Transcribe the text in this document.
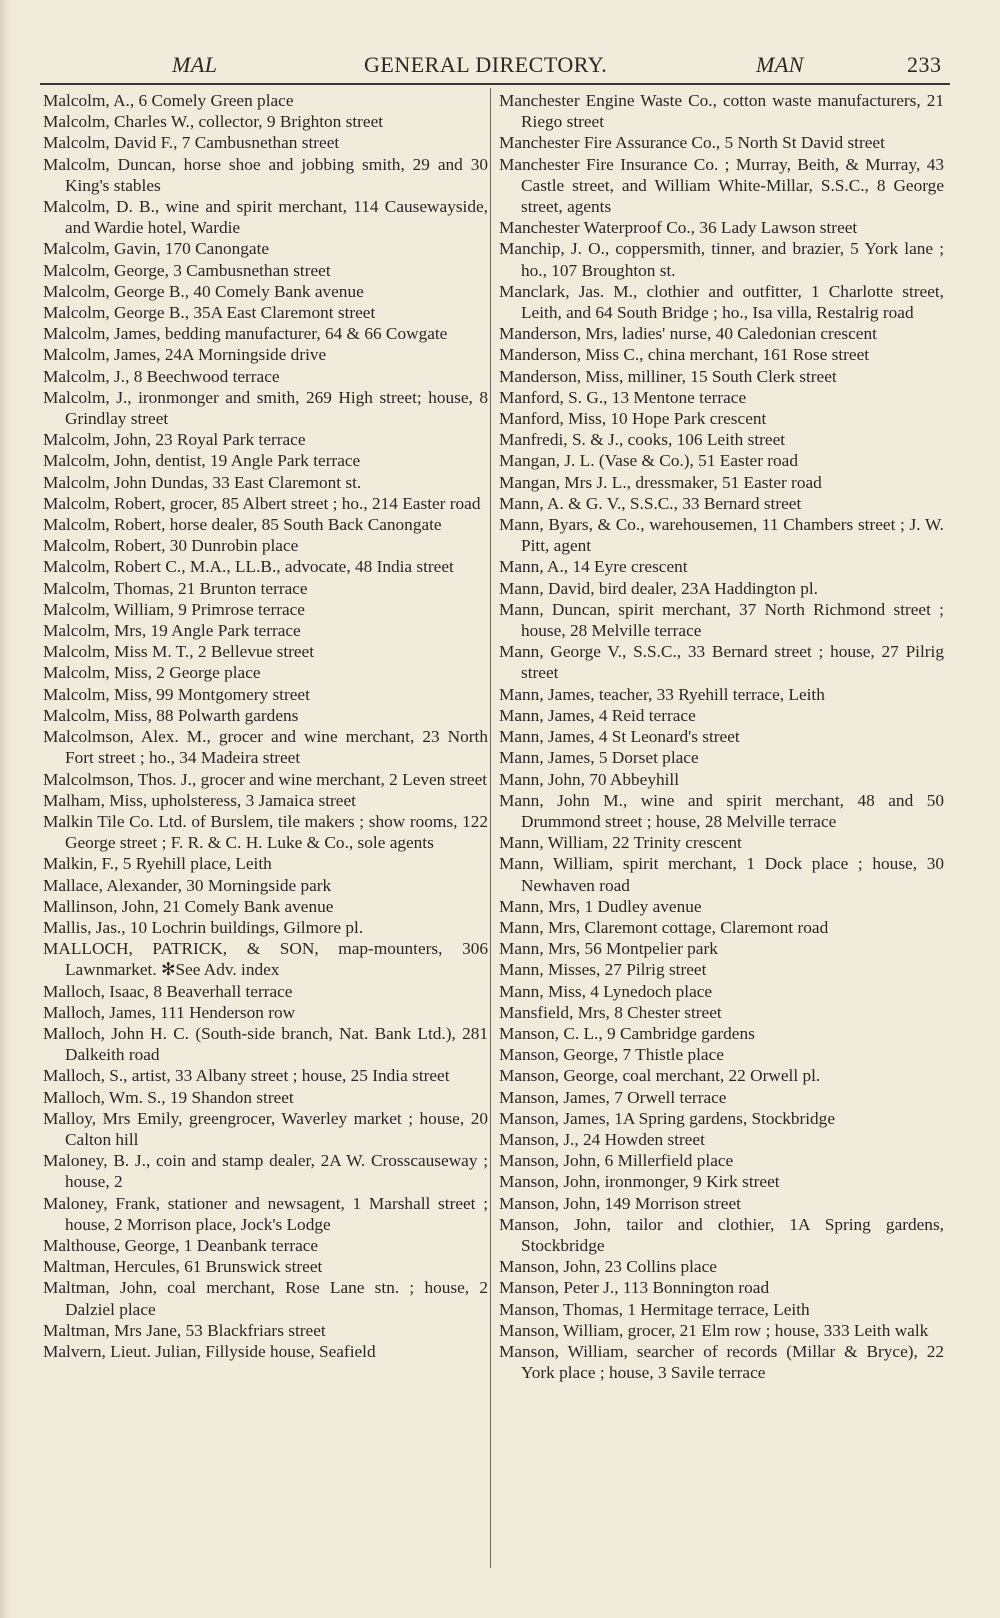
MAL	GENERAL DIRECTORY.	MAN	233

Malcolm, A., 6 Comely Green place

Malcolm, Charles W., collector, 9 Brighton street

Malcolm, David F., 7 Cambusnethan street

Malcolm, Duncan, horse shoe and jobbing smith, 29 and 30 King's stables

Malcolm, D. B., wine and spirit merchant, 114 Causewayside, and Wardie hotel, Wardie

Malcolm, Gavin, 170 Canongate

Malcolm, George, 3 Cambusnethan street

Malcolm, George B., 40 Comely Bank avenue

Malcolm, George B., 35A East Claremont street

Malcolm, James, bedding manufacturer, 64 & 66 Cowgate

Malcolm, James, 24A Morningside drive

Malcolm, J., 8 Beechwood terrace

Malcolm, J., ironmonger and smith, 269 High street; house, 8 Grindlay street

Malcolm, John, 23 Royal Park terrace

Malcolm, John, dentist, 19 Angle Park terrace

Malcolm, John Dundas, 33 East Claremont st.

Malcolm, Robert, grocer, 85 Albert street ; ho., 214 Easter road

Malcolm, Robert, horse dealer, 85 South Back Canongate

Malcolm, Robert, 30 Dunrobin place

Malcolm, Robert C., M.A., LL.B., advocate, 48 India street

Malcolm, Thomas, 21 Brunton terrace

Malcolm, William, 9 Primrose terrace

Malcolm, Mrs, 19 Angle Park terrace

Malcolm, Miss M. T., 2 Bellevue street

Malcolm, Miss, 2 George place

Malcolm, Miss, 99 Montgomery street

Malcolm, Miss, 88 Polwarth gardens

Malcolmson, Alex. M., grocer and wine merchant, 23 North Fort street ; ho., 34 Madeira street

Malcolmson, Thos. J., grocer and wine merchant, 2 Leven street

Malham, Miss, upholsteress, 3 Jamaica street

Malkin Tile Co. Ltd. of Burslem, tile makers ; show rooms, 122 George street ; F. R. & C. H. Luke & Co., sole agents

Malkin, F., 5 Ryehill place, Leith

Mallace, Alexander, 30 Morningside park

Mallinson, John, 21 Comely Bank avenue

Mallis, Jas., 10 Lochrin buildings, Gilmore pl.

MALLOCH, PATRICK, & SON, map-mounters, 306 Lawnmarket. ✻See Adv. index

Malloch, Isaac, 8 Beaverhall terrace

Malloch, James, 111 Henderson row

Malloch, John H. C. (South-side branch, Nat. Bank Ltd.), 281 Dalkeith road

Malloch, S., artist, 33 Albany street ; house, 25 India street

Malloch, Wm. S., 19 Shandon street

Malloy, Mrs Emily, greengrocer, Waverley market ; house, 20 Calton hill

Maloney, B. J., coin and stamp dealer, 2A W. Crosscauseway ; house, 2

Maloney, Frank, stationer and newsagent, 1 Marshall street ; house, 2 Morrison place, Jock's Lodge

Malthouse, George, 1 Deanbank terrace

Maltman, Hercules, 61 Brunswick street

Maltman, John, coal merchant, Rose Lane stn. ; house, 2 Dalziel place

Maltman, Mrs Jane, 53 Blackfriars street

Malvern, Lieut. Julian, Fillyside house, Seafield

Manchester Engine Waste Co., cotton waste manufacturers, 21 Riego street

Manchester Fire Assurance Co., 5 North St David street

Manchester Fire Insurance Co. ; Murray, Beith, & Murray, 43 Castle street, and William White-Millar, S.S.C., 8 George street, agents

Manchester Waterproof Co., 36 Lady Lawson street

Manchip, J. O., coppersmith, tinner, and brazier, 5 York lane ; ho., 107 Broughton st.

Manclark, Jas. M., clothier and outfitter, 1 Charlotte street, Leith, and 64 South Bridge ; ho., Isa villa, Restalrig road

Manderson, Mrs, ladies' nurse, 40 Caledonian crescent

Manderson, Miss C., china merchant, 161 Rose street

Manderson, Miss, milliner, 15 South Clerk street

Manford, S. G., 13 Mentone terrace

Manford, Miss, 10 Hope Park crescent

Manfredi, S. & J., cooks, 106 Leith street

Mangan, J. L. (Vase & Co.), 51 Easter road

Mangan, Mrs J. L., dressmaker, 51 Easter road

Mann, A. & G. V., S.S.C., 33 Bernard street

Mann, Byars, & Co., warehousemen, 11 Chambers street ; J. W. Pitt, agent

Mann, A., 14 Eyre crescent

Mann, David, bird dealer, 23A Haddington pl.

Mann, Duncan, spirit merchant, 37 North Richmond street ; house, 28 Melville terrace

Mann, George V., S.S.C., 33 Bernard street ; house, 27 Pilrig street

Mann, James, teacher, 33 Ryehill terrace, Leith

Mann, James, 4 Reid terrace

Mann, James, 4 St Leonard's street

Mann, James, 5 Dorset place

Mann, John, 70 Abbeyhill

Mann, John M., wine and spirit merchant, 48 and 50 Drummond street ; house, 28 Melville terrace

Mann, William, 22 Trinity crescent

Mann, William, spirit merchant, 1 Dock place ; house, 30 Newhaven road

Mann, Mrs, 1 Dudley avenue

Mann, Mrs, Claremont cottage, Claremont road

Mann, Mrs, 56 Montpelier park

Mann, Misses, 27 Pilrig street

Mann, Miss, 4 Lynedoch place

Mansfield, Mrs, 8 Chester street

Manson, C. L., 9 Cambridge gardens

Manson, George, 7 Thistle place

Manson, George, coal merchant, 22 Orwell pl.

Manson, James, 7 Orwell terrace

Manson, James, 1A Spring gardens, Stockbridge

Manson, J., 24 Howden street

Manson, John, 6 Millerfield place

Manson, John, ironmonger, 9 Kirk street

Manson, John, 149 Morrison street

Manson, John, tailor and clothier, 1A Spring gardens, Stockbridge

Manson, John, 23 Collins place

Manson, Peter J., 113 Bonnington road

Manson, Thomas, 1 Hermitage terrace, Leith

Manson, William, grocer, 21 Elm row ; house, 333 Leith walk

Manson, William, searcher of records (Millar & Bryce), 22 York place ; house, 3 Savile terrace
